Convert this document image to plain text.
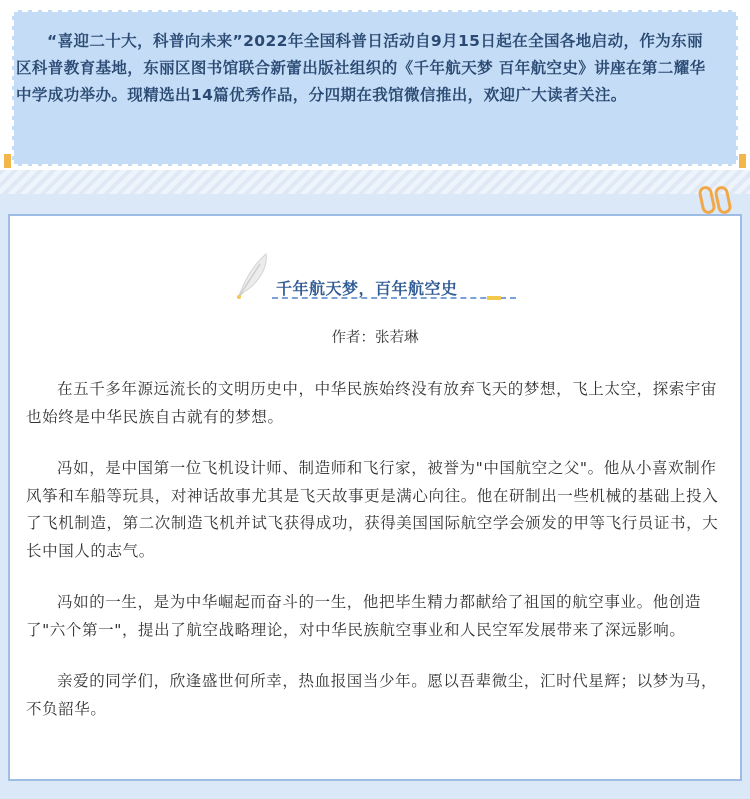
“喜迎二十大，科普向未来”2022年全国科普日活动自9月15日起在全国各地启动，作为东丽区科普教育基地，东丽区图书馆联合新蕾出版社组织的《千年航天梦 百年航空史》讲座在第二耀华中学成功举办。现精选出14篇优秀作品，分四期在我馆微信推出，欢迎广大读者关注。
千年航天梦，百年航空史
作者：张若琳

在五千多年源远流长的文明历史中，中华民族始终没有放弃飞天的梦想，飞上太空，探索宇宙也始终是中华民族自古就有的梦想。

冯如，是中国第一位飞机设计师、制造师和飞行家，被誉为"中国航空之父"。他从小喜欢制作风筝和车船等玩具，对神话故事尤其是飞天故事更是满心向往。他在研制出一些机械的基础上投入了飞机制造，第二次制造飞机并试飞获得成功，获得美国国际航空学会颁发的甲等飞行员证书，大长中国人的志气。

冯如的一生，是为中华崛起而奋斗的一生，他把毕生精力都献给了祖国的航空事业。他创造了"六个第一"，提出了航空战略理论，对中华民族航空事业和人民空军发展带来了深远影响。

亲爱的同学们，欣逢盛世何所幸，热血报国当少年。愿以吾辈微尘，汇时代星辉；以梦为马，不负韶华。
